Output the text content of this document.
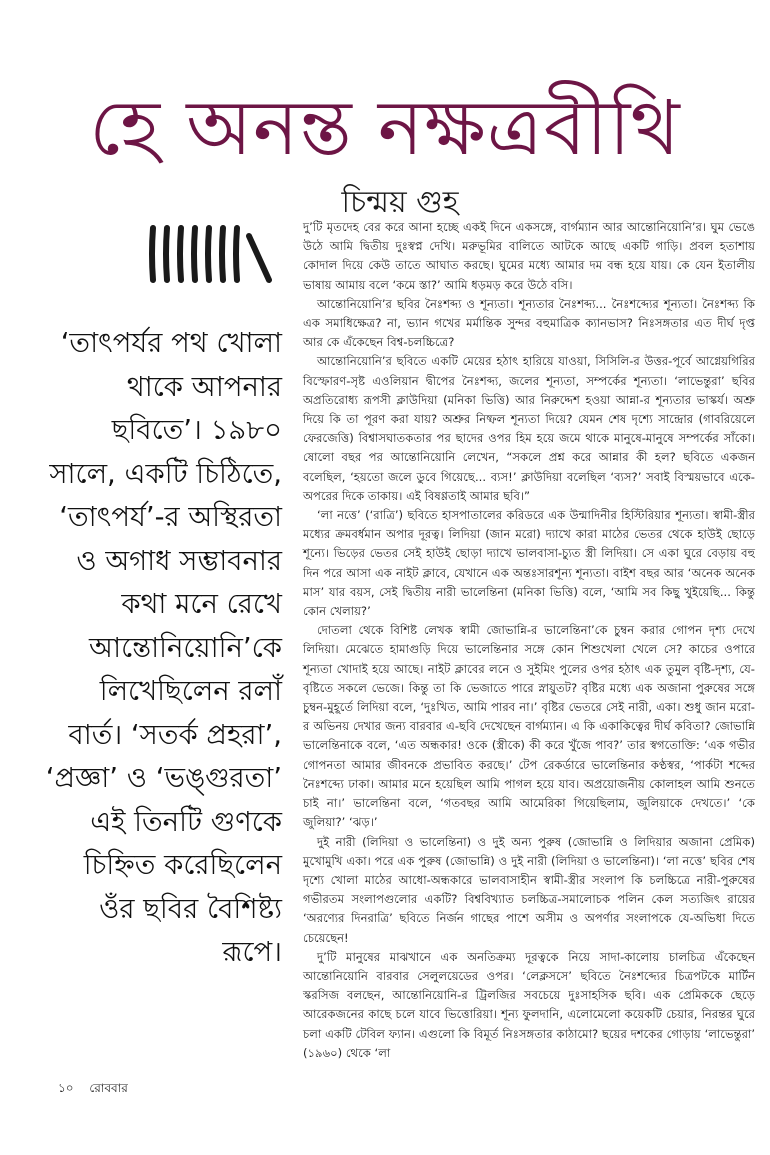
হে অনন্ত নক্ষত্রবীথি
চিন্ময় গুহ
‘তাৎপর্যর পথ খোলা থাকে আপনার ছবিতে’। ১৯৮০ সালে, একটি চিঠিতে, ‘তাৎপর্য’-র অস্থিরতা ও অগাধ সম্ভাবনার কথা মনে রেখে আন্তোনিয়োনি’কে লিখেছিলেন রলাঁ বার্ত। ‘সতর্ক প্রহরা’, ‘প্রজ্ঞা’ ও ‘ভঙ্গুরতা’ এই তিনটি গুণকে চিহ্নিত করেছিলেন ওঁর ছবির বৈশিষ্ট্য রূপে।

দু’টি মৃতদেহ বের করে আনা হচ্ছে একই দিনে একসঙ্গে, বার্গম্যান আর আন্তোনিয়োনি’র। ঘুম ভেঙে উঠে আমি দ্বিতীয় দুঃস্বপ্ন দেখি। মরুভূমির বালিতে আটকে আছে একটি গাড়ি। প্রবল হতাশায় কোদাল দিয়ে কেউ তাতে আঘাত করছে। ঘুমের মধ্যে আমার দম বন্ধ হয়ে যায়। কে যেন ইতালীয় ভাষায় আমায় বলে ‘কমে স্তা?’ আমি ধড়মড় করে উঠে বসি।

আন্তোনিয়োনি’র ছবির নৈঃশব্দ্য ও শূন্যতা। শূন্যতার নৈঃশব্দ্য... নৈঃশব্দ্যের শূন্যতা। নৈঃশব্দ্য কি এক সমাধিক্ষেত্র? না, ভ্যান গখের মর্মান্তিক সুন্দর বহুমাত্রিক ক্যানভাস? নিঃসঙ্গতার এত দীর্ঘ দৃপ্ত আর কে এঁকেছেন বিশ্ব-চলচ্চিত্রে?

আন্তোনিয়োনি’র ছবিতে একটি মেয়ের হঠাৎ হারিয়ে যাওয়া, সিসিলি-র উত্তর-পূর্বে আগ্নেয়গিরির বিস্ফোরণ-সৃষ্ট এওলিয়ান দ্বীপের নৈঃশব্দ্য, জলের শূন্যতা, সম্পর্কের শূন্যতা। ‘লাভেন্তুরা’ ছবির অপ্রতিরোধ্য রূপসী ক্লাউদিয়া (মনিকা ভিত্তি) আর নিরুদ্দেশ হওয়া আন্না-র শূন্যতার ভাস্কর্য। অশ্রু দিয়ে কি তা পূরণ করা যায়? অশ্রুর নিষ্ফল শূন্যতা দিয়ে? যেমন শেষ দৃশ্যে সান্দ্রোর (গাবরিয়েলে ফেরজেত্তি) বিশ্বাসঘাতকতার পর ছাদের ওপর হিম হয়ে জমে থাকে মানুষে-মানুষে সম্পর্কের সাঁকো। ষোলো বছর পর আন্তোনিয়োনি লেখেন, “সকলে প্রশ্ন করে আন্নার কী হল? ছবিতে একজন বলেছিল, ‘হয়তো জলে ডুবে গিয়েছে... ব্যস!’ ক্লাউদিয়া বলেছিল ‘ব্যস?’ সবাই বিস্ময়ভাবে একে-অপরের দিকে তাকায়। এই বিষণ্ণতাই আমার ছবি।”

‘লা নত্তে’ (‘রাত্রি’) ছবিতে হাসপাতালের করিডরে এক উন্মাদিনীর হিস্টিরিয়ার শূন্যতা। স্বামী-স্ত্রীর মধ্যের ক্রমবর্ধমান অপার দূরত্ব। লিদিয়া (জান মরো) দ্যাখে কারা মাঠের ভেতর থেকে হাউই ছোড়ে শূন্যে। ভিড়ের ভেতর সেই হাউই ছোড়া দ্যাখে ভালবাসা-চ্যুত স্ত্রী লিদিয়া। সে একা ঘুরে বেড়ায় বহু দিন পরে আসা এক নাইট ক্লাবে, যেখানে এক অন্তঃসারশূন্য শূন্যতা। বাইশ বছর আর ‘অনেক অনেক মাস’ যার বয়স, সেই দ্বিতীয় নারী ভালেন্তিনা (মনিকা ভিত্তি) বলে, ‘আমি সব কিছু খুইয়েছি... কিন্তু কোন খেলায়?’

দোতলা থেকে বিশিষ্ট লেখক স্বামী জোভান্নি-র ভালেন্তিনা’কে চুম্বন করার গোপন দৃশ্য দেখে লিদিয়া। মেঝেতে হামাগুড়ি দিয়ে ভালেন্তিনার সঙ্গে কোন শিশুখেলা খেলে সে? কাচের ওপারে শূন্যতা খোদাই হয়ে আছে। নাইট ক্লাবের লনে ও সুইমিং পুলের ওপর হঠাৎ এক তুমুল বৃষ্টি-দৃশ্য, যে-বৃষ্টিতে সকলে ভেজে। কিন্তু তা কি ভেজাতে পারে স্নায়ুতট? বৃষ্টির মধ্যে এক অজানা পুরুষের সঙ্গে চুম্বন-মুহূর্তে লিদিয়া বলে, ‘দুঃখিত, আমি পারব না।’ বৃষ্টির ভেতরে সেই নারী, একা। শুধু জান মরো-র অভিনয় দেখার জন্য বারবার এ-ছবি দেখেছেন বার্গম্যান। এ কি একাকিত্বের দীর্ঘ কবিতা? জোভান্নি ভালেন্তিনাকে বলে, ‘এত অন্ধকার! ওকে (স্ত্রীকে) কী করে খুঁজে পাব?’ তার স্বগতোক্তি: ‘এক গভীর গোপনতা আমার জীবনকে প্রভাবিত করছে।’ টেপ রেকর্ডারে ভালেন্তিনার কণ্ঠস্বর, ‘পার্কটা শব্দের নৈঃশব্দ্যে ঢাকা। আমার মনে হয়েছিল আমি পাগল হয়ে যাব। অপ্রয়োজনীয় কোলাহল আমি শুনতে চাই না।’ ভালেন্তিনা বলে, ‘গতবছর আমি আমেরিকা গিয়েছিলাম, জুলিয়াকে দেখতে।’ ‘কে জুলিয়া?’ ‘ঝড়।’

দুই নারী (লিদিয়া ও ভালেন্তিনা) ও দুই অন্য পুরুষ (জোভান্নি ও লিদিয়ার অজানা প্রেমিক) মুখোমুখি একা। পরে এক পুরুষ (জোভান্নি) ও দুই নারী (লিদিয়া ও ভালেন্তিনা)। ‘লা নত্তে’ ছবির শেষ দৃশ্যে খোলা মাঠের আধো-অন্ধকারে ভালবাসাহীন স্বামী-স্ত্রীর সংলাপ কি চলচ্চিত্রে নারী-পুরুষের গভীরতম সংলাপগুলোর একটি? বিশ্ববিখ্যাত চলচ্চিত্র-সমালোচক পলিন কেল সত্যজিৎ রায়ের ‘অরণ্যের দিনরাত্রি’ ছবিতে নির্জন গাছের পাশে অসীম ও অপর্ণার সংলাপকে যে-অভিধা দিতে চেয়েছেন!

দু’টি মানুষের মাঝখানে এক অনতিক্রম্য দূরত্বকে নিয়ে সাদা-কালোয় চালচিত্র এঁকেছেন আন্তোনিয়োনি বারবার সেলুলয়েডের ওপর। ‘লেক্লসসে’ ছবিতে নৈঃশব্দ্যের চিত্রপটকে মার্টিন স্করসিজ বলছেন, আন্তোনিয়োনি-র ট্রিলজির সবচেয়ে দুঃসাহসিক ছবি। এক প্রেমিককে ছেড়ে আরেকজনের কাছে চলে যাবে ভিত্তোরিয়া। শূন্য ফুলদানি, এলোমেলো কয়েকটি চেয়ার, নিরন্তর ঘুরে চলা একটি টেবিল ফ্যান। এগুলো কি বিমূর্ত নিঃসঙ্গতার কাঠামো? ছয়ের দশকের গোড়ায় ‘লাভেন্তুরা’ (১৯৬০) থেকে ‘লা

১০ রোববার
